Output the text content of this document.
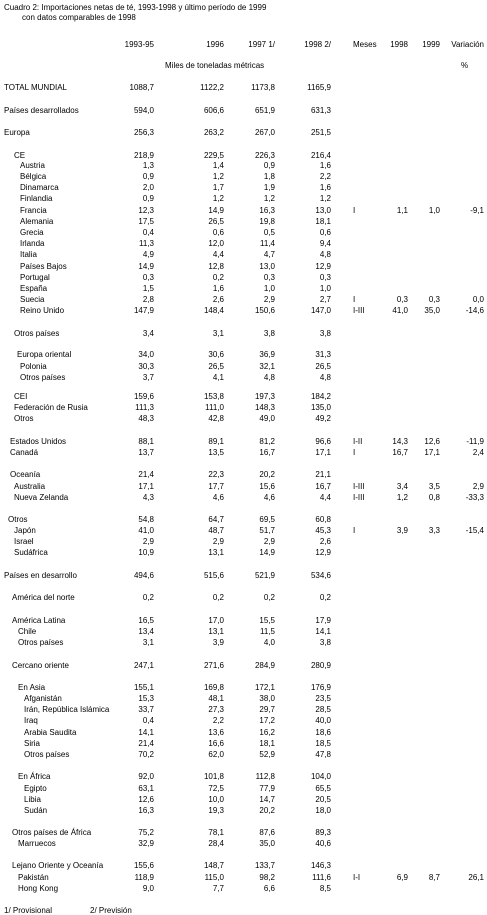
Cuadro 2: Importaciones netas de té, 1993-1998 y último período de 1999
con datos comparables de 1998
1993-95	1996	1997 1/	1998 2/	Meses	1998	1999	Variación
Miles de toneladas métricas	%
TOTAL MUNDIAL	1088,7	1122,2	1173,8	1165,9
Países desarrollados	594,0	606,6	651,9	631,3
Europa	256,3	263,2	267,0	251,5
CE	218,9	229,5	226,3	216,4
Austria	1,3	1,4	0,9	1,6
Bélgica	0,9	1,2	1,8	2,2
Dinamarca	2,0	1,7	1,9	1,6
Finlandia	0,9	1,2	1,2	1,2
Francia	12,3	14,9	16,3	13,0	I	1,1	1,0	-9,1
Alemania	17,5	26,5	19,8	18,1
Grecia	0,4	0,6	0,5	0,6
Irlanda	11,3	12,0	11,4	9,4
Italia	4,9	4,4	4,7	4,8
Países Bajos	14,9	12,8	13,0	12,9
Portugal	0,3	0,2	0,3	0,3
España	1,5	1,6	1,0	1,0
Suecia	2,8	2,6	2,9	2,7	I	0,3	0,3	0,0
Reino Unido	147,9	148,4	150,6	147,0	I-III	41,0	35,0	-14,6
Otros países	3,4	3,1	3,8	3,8
Europa oriental	34,0	30,6	36,9	31,3
Polonia	30,3	26,5	32,1	26,5
Otros países	3,7	4,1	4,8	4,8
CEI	159,6	153,8	197,3	184,2
Federación de Rusia	111,3	111,0	148,3	135,0
Otros	48,3	42,8	49,0	49,2
Estados Unidos	88,1	89,1	81,2	96,6	I-II	14,3	12,6	-11,9
Canadá	13,7	13,5	16,7	17,1	I	16,7	17,1	2,4
Oceanía	21,4	22,3	20,2	21,1
Australia	17,1	17,7	15,6	16,7	I-III	3,4	3,5	2,9
Nueva Zelanda	4,3	4,6	4,6	4,4	I-III	1,2	0,8	-33,3
Otros	54,8	64,7	69,5	60,8
Japón	41,0	48,7	51,7	45,3	I	3,9	3,3	-15,4
Israel	2,9	2,9	2,9	2,6
Sudáfrica	10,9	13,1	14,9	12,9
Países en desarrollo	494,6	515,6	521,9	534,6
América del norte	0,2	0,2	0,2	0,2
América Latina	16,5	17,0	15,5	17,9
Chile	13,4	13,1	11,5	14,1
Otros países	3,1	3,9	4,0	3,8
Cercano oriente	247,1	271,6	284,9	280,9
En Asia	155,1	169,8	172,1	176,9
Afganistán	15,3	48,1	38,0	23,5
Irán, República Islámica	33,7	27,3	29,7	28,5
Iraq	0,4	2,2	17,2	40,0
Arabia Saudita	14,1	13,6	16,2	18,6
Siria	21,4	16,6	18,1	18,5
Otros países	70,2	62,0	52,9	47,8
En África	92,0	101,8	112,8	104,0
Egipto	63,1	72,5	77,9	65,5
Libia	12,6	10,0	14,7	20,5
Sudán	16,3	19,3	20,2	18,0
Otros países de África	75,2	78,1	87,6	89,3
Marruecos	32,9	28,4	35,0	40,6
Lejano Oriente y Oceanía	155,6	148,7	133,7	146,3
Pakistán	118,9	115,0	98,2	111,6	I-I	6,9	8,7	26,1
Hong Kong	9,0	7,7	6,6	8,5
1/ Provisional	2/ Previsión
